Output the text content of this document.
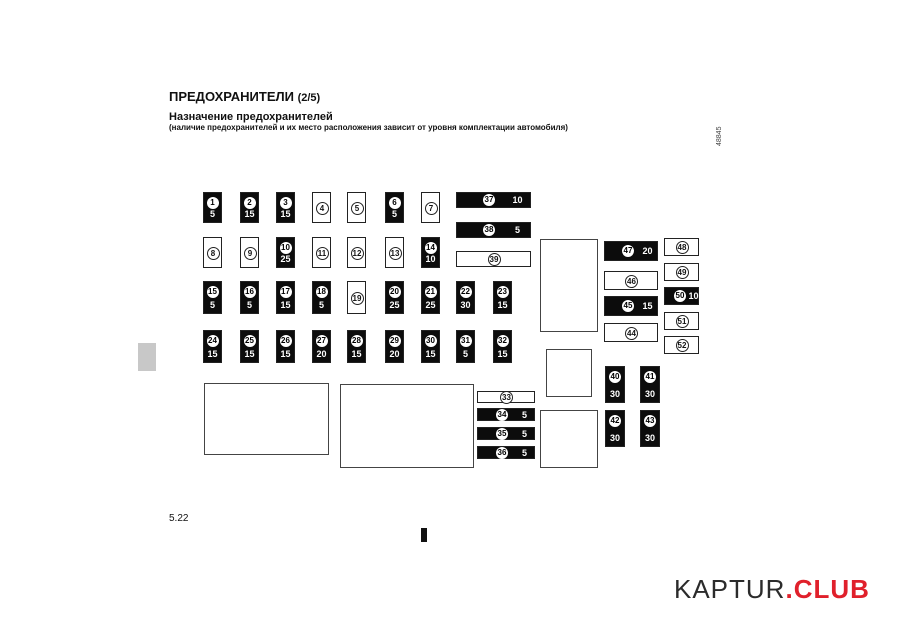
ПРЕДОХРАНИТЕЛИ (2/5)
Назначение предохранителей
(наличие предохранителей и их место расположения зависит от уровня комплектации автомобиля)	48845
1
5
2
15
3
15
4	5
6
5
7
8	9
10
25
11	12	13
14
10
15
5
16
5
17
15
18
5
19
20
25
21
25
22
30
23
15
24
15
25
15
26
15
27
20
28
15
29
20
30
15
31
5
32
15
33
34	5
35	5
36	5
37	10
38	5
39
40
30
41
30
42
30
43
30
44
45	15
46
47	20	48
49
50 10
51
52
5.22
KAPTUR.CLUB
